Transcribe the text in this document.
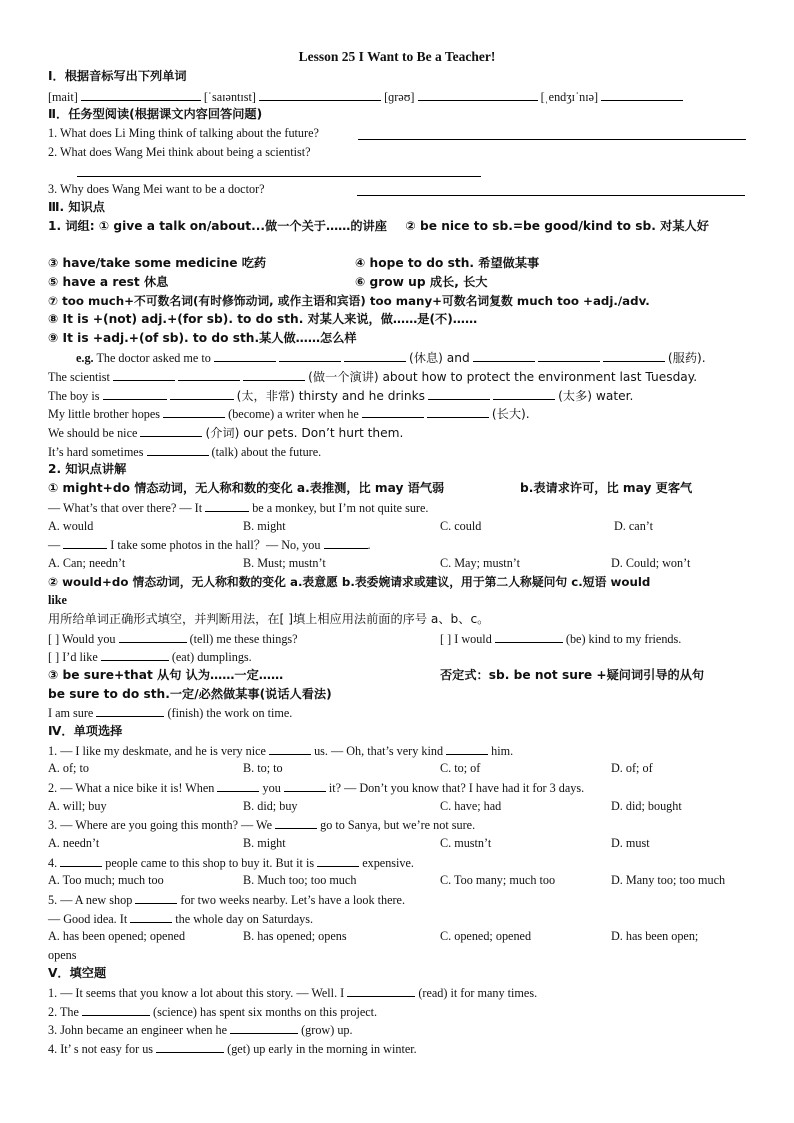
Lesson 25 I Want to Be a Teacher!
Ⅰ．根据音标写出下列单词
[mait]	[ˈsaɪəntɪst]	[ɡrəʊ]	[ˌendʒɪˈnɪə]
Ⅱ．任务型阅读(根据课文内容回答问题)
1. What does Li Ming think of talking about the future?
2. What does Wang Mei think about being a scientist?
3. Why does Wang Mei want to be a doctor?
Ⅲ. 知识点
1. 词组: ① give a talk on/about...做一个关于……的讲座 ② be nice to sb.=be good/kind to sb. 对某人好
③ have/take some medicine 吃药	④ hope to do sth. 希望做某事
⑤ have a rest 休息	⑥ grow up 成长, 长大
⑦ too much+不可数名词(有时修饰动词, 或作主语和宾语) too many+可数名词复数 much too +adj./adv.
⑧ It is +(not) adj.+(for sb). to do sth. 对某人来说，做……是(不)……
⑨ It is +adj.+(of sb). to do sth.某人做……怎么样
e.g. The doctor asked me to	(休息) and	(服药).
The scientist	(做一个演讲) about how to protect the environment last Tuesday.
The boy is	(太，非常) thirsty and he drinks	(太多) water.
My little brother hopes	(become) a writer when he	(长大).
We should be nice	(介词) our pets. Don’t hurt them.
It’s hard sometimes	(talk) about the future.
2. 知识点讲解
① might+do 情态动词，无人称和数的变化 a.表推测，比 may 语气弱	b.表请求许可，比 may 更客气
— What’s that over there? — It	be a monkey, but I’m not quite sure.
A. would	B. might	C. could	D. can’t
—	I take some photos in the hall？— No, you	.
A. Can; needn’t	B. Must; mustn’t	C. May; mustn’t	D. Could; won’t
② would+do 情态动词，无人称和数的变化 a.表意愿 b.表委婉请求或建议，用于第二人称疑问句 c.短语 would
like
用所给单词正确形式填空，并判断用法，在[ ]填上相应用法前面的序号 a、b、c。
[ ] Would you	(tell) me these things?	[ ] I would	(be) kind to my friends.
[ ] I’d like	(eat) dumplings.
③ be sure+that 从句 认为……一定……	否定式：sb. be not sure +疑问词引导的从句
be sure to do sth.一定/必然做某事(说话人看法)
I am sure	(finish) the work on time.
Ⅳ．单项选择
1. — I like my deskmate, and he is very nice	us. — Oh, that’s very kind	him.
A. of; to	B. to; to	C. to; of	D. of; of
2. — What a nice bike it is! When	you	it? — Don’t you know that? I have had it for 3 days.
A. will; buy	B. did; buy	C. have; had	D. did; bought
3. — Where are you going this month? — We	go to Sanya, but we’re not sure.
A. needn’t	B. might	C. mustn’t	D. must
4.	people came to this shop to buy it. But it is	expensive.
A. Too much; much too	B. Much too; too much	C. Too many; much too	D. Many too; too much
5. — A new shop	for two weeks nearby. Let’s have a look there.
— Good idea. It	the whole day on Saturdays.
A. has been opened; opened	B. has opened; opens	C. opened; opened	D. has been open;
opens
Ⅴ．填空题
1. — It seems that you know a lot about this story. — Well. I	(read) it for many times.
2. The	(science) has spent six months on this project.
3. John became an engineer when he	(grow) up.
4. It’ s not easy for us	(get) up early in the morning in winter.
